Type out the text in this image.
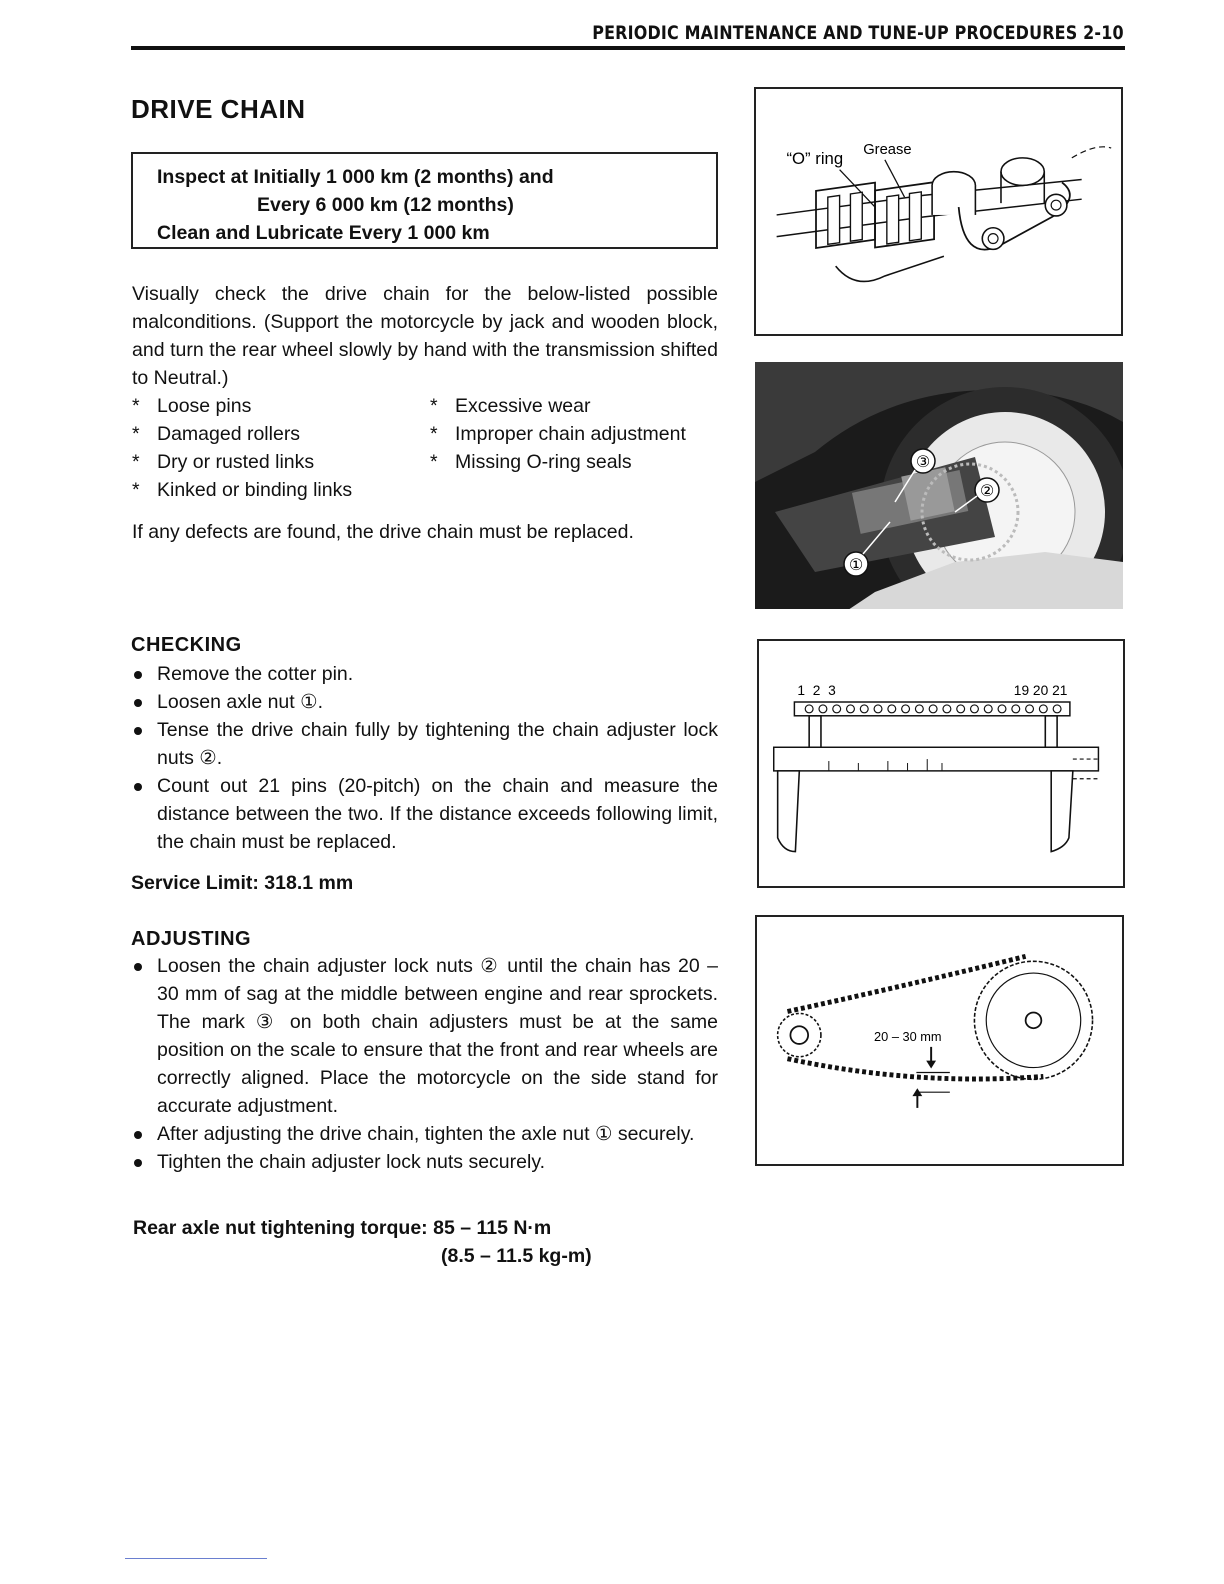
PERIODIC MAINTENANCE AND TUNE-UP PROCEDURES 2-10
DRIVE CHAIN
Inspect at Initially 1 000 km (2 months) and
Every 6 000 km (12 months)
Clean and Lubricate Every 1 000 km
Visually check the drive chain for the below-listed possible malconditions. (Support the motorcycle by jack and wooden block, and turn the rear wheel slowly by hand with the transmission shifted to Neutral.)
* Loose pins	* Excessive wear
* Damaged rollers	* Improper chain adjustment
* Dry or rusted links	* Missing O-ring seals
* Kinked or binding links
If any defects are found, the drive chain must be replaced.
CHECKING
Remove the cotter pin.
Loosen axle nut ①.
Tense the drive chain fully by tightening the chain adjuster lock nuts ②.
Count out 21 pins (20-pitch) on the chain and measure the distance between the two. If the distance exceeds following limit, the chain must be replaced.
Service Limit: 318.1 mm
ADJUSTING
Loosen the chain adjuster lock nuts ② until the chain has 20 – 30 mm of sag at the middle between engine and rear sprockets. The mark ③ on both chain adjusters must be at the same position on the scale to ensure that the front and rear wheels are correctly aligned. Place the motorcycle on the side stand for accurate adjustment.
After adjusting the drive chain, tighten the axle nut ① securely.
Tighten the chain adjuster lock nuts securely.
Rear axle nut tightening torque: 85 – 115 N·m
(8.5 – 11.5 kg-m)
“O” ring Grease
③
②
①
1 2 3	19 20 21
20 – 30 mm
